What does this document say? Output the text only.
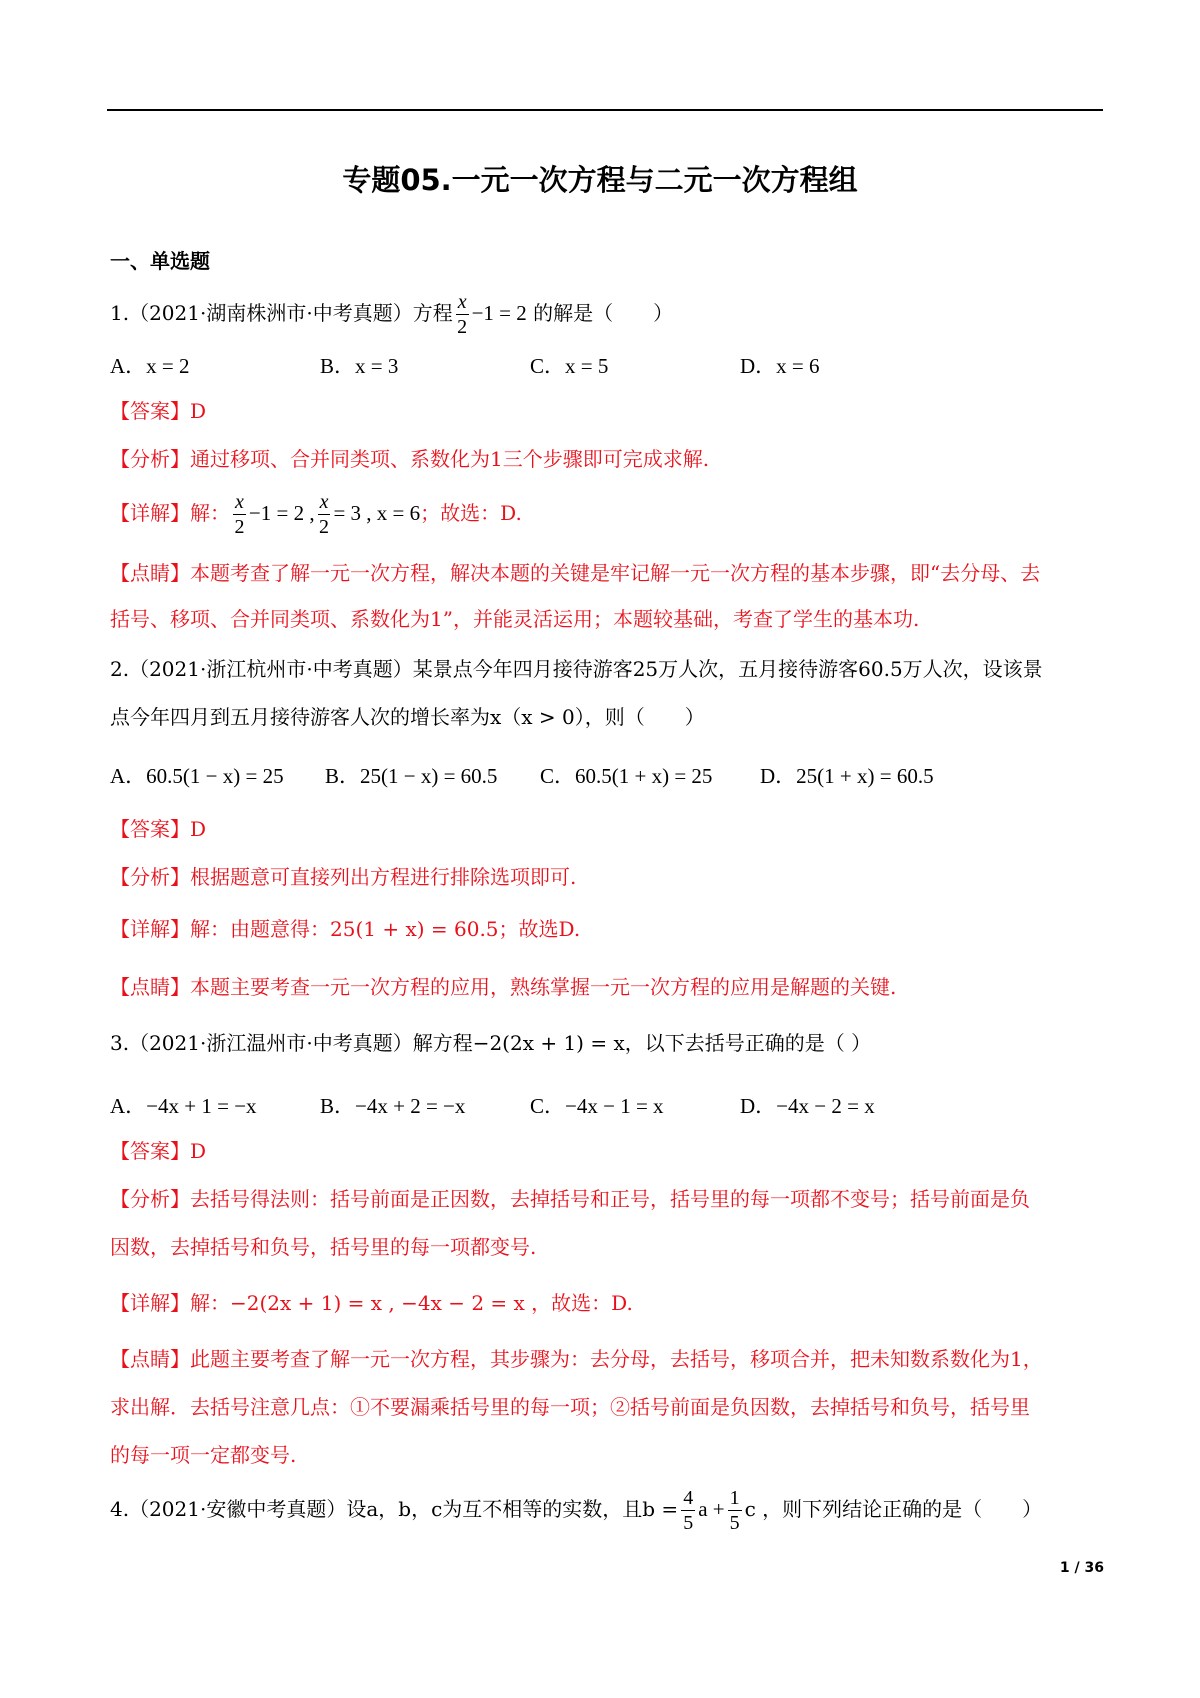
专题05.一元一次方程与二元一次方程组
一、单选题
1.（2021·湖南株洲市·中考真题）方程 $\frac{x}{2} -1 = 2$ 的解是（　　）
A．x = 2	B．x = 3	C．x = 5	D．x = 6
【答案】D
【分析】通过移项、合并同类项、系数化为1三个步骤即可完成求解.
【详解】解： $\frac{x}{2} -1 = 2$ , $\frac{x}{2} = 3$ , x = 6；故选：D.
【点睛】本题考查了解一元一次方程，解决本题的关键是牢记解一元一次方程的基本步骤，即“去分母、去
括号、移项、合并同类项、系数化为1”，并能灵活运用；本题较基础，考查了学生的基本功.
2.（2021·浙江杭州市·中考真题）某景点今年四月接待游客25万人次，五月接待游客60.5万人次，设该景
点今年四月到五月接待游客人次的增长率为x（x > 0），则（　　）
A．60.5(1 − x) = 25 B．25(1 − x) = 60.5 C．60.5(1 + x) = 25 D．25(1 + x) = 60.5
【答案】D
【分析】根据题意可直接列出方程进行排除选项即可.
【详解】解：由题意得：25(1 + x) = 60.5；故选D.
【点睛】本题主要考查一元一次方程的应用，熟练掌握一元一次方程的应用是解题的关键.
3.（2021·浙江温州市·中考真题）解方程−2(2x + 1) = x，以下去括号正确的是（ ）
A．−4x + 1 = −x	B．−4x + 2 = −x	C．−4x − 1 = x	D．−4x − 2 = x
【答案】D
【分析】去括号得法则：括号前面是正因数，去掉括号和正号，括号里的每一项都不变号；括号前面是负
因数，去掉括号和负号，括号里的每一项都变号.
【详解】解：−2(2x + 1) = x , −4x − 2 = x ，故选：D.
【点睛】此题主要考查了解一元一次方程，其步骤为：去分母，去括号，移项合并，把未知数系数化为1，
求出解．去括号注意几点：①不要漏乘括号里的每一项；②括号前面是负因数，去掉括号和负号，括号里
的每一项一定都变号.
4.（2021·安徽中考真题）设a，b，c为互不相等的实数，且$b = \frac{4}{5}$ $a + \frac{1}{5}$ c ，则下列结论正确的是（　　）
1 / 36
